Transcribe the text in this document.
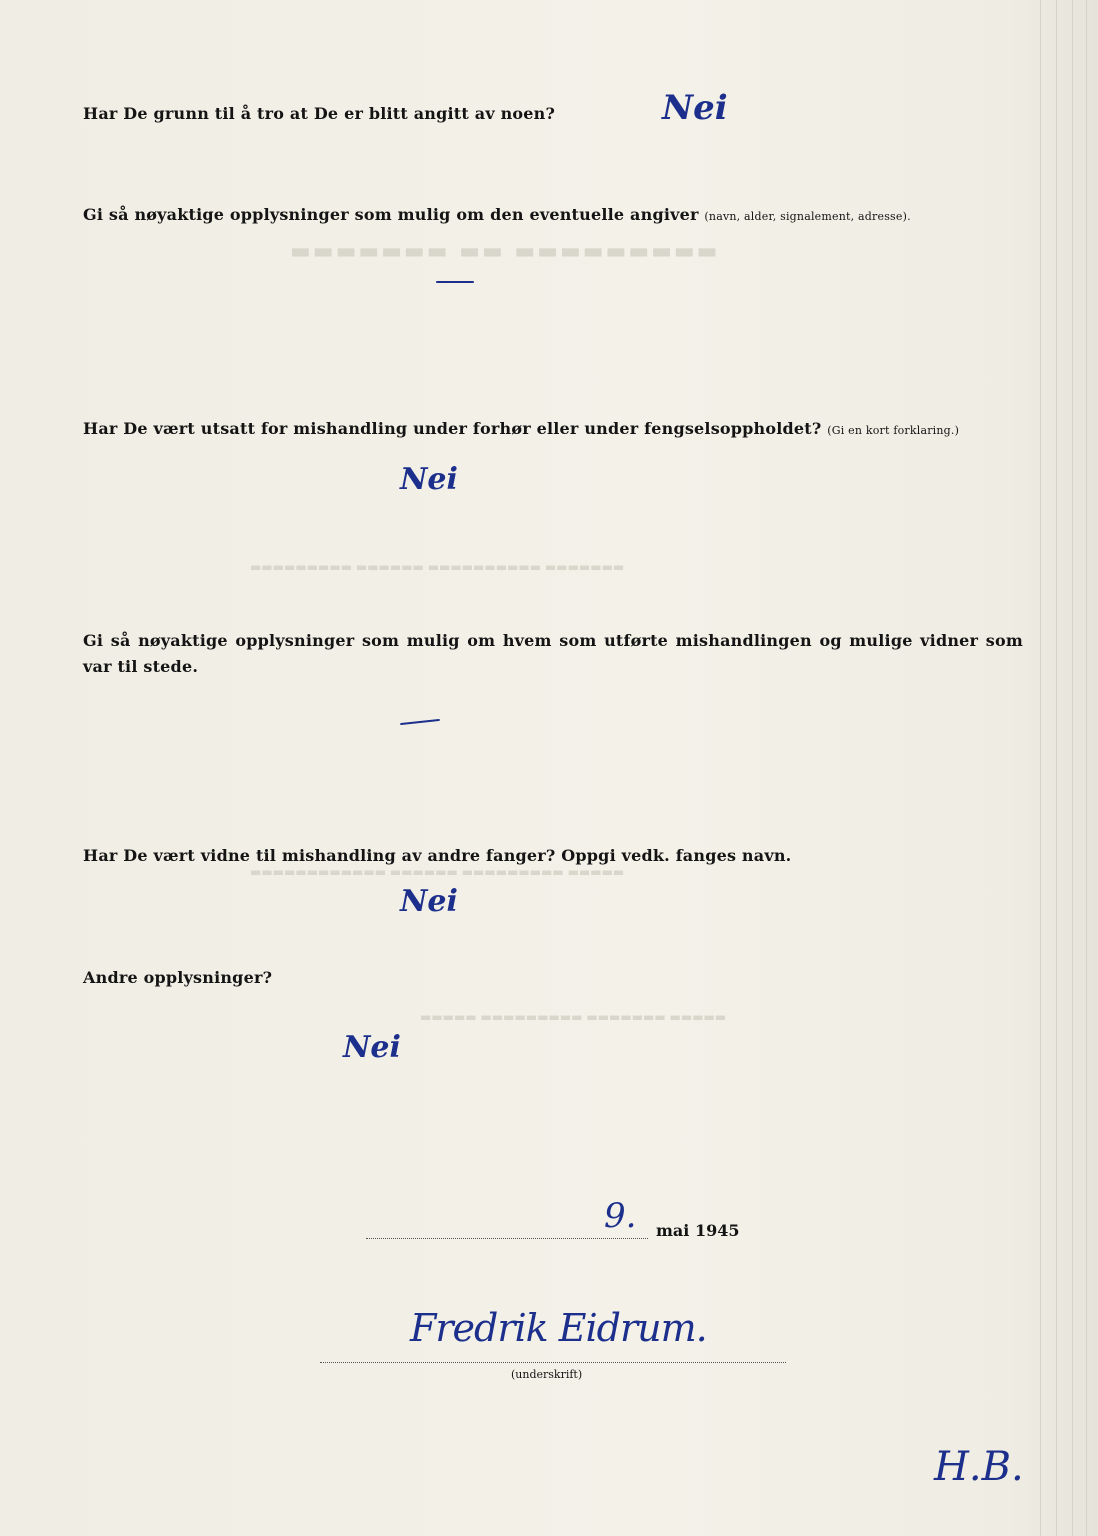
▬▬▬▬▬▬▬ ▬▬ ▬▬▬▬▬▬▬▬▬
▬▬▬▬▬▬▬▬▬ ▬▬▬▬▬▬ ▬▬▬▬▬▬▬▬▬▬ ▬▬▬▬▬▬▬
▬▬▬▬▬▬▬▬▬▬▬▬ ▬▬▬▬▬▬ ▬▬▬▬▬▬▬▬▬ ▬▬▬▬▬
▬▬▬▬▬ ▬▬▬▬▬▬▬▬▬ ▬▬▬▬▬▬▬ ▬▬▬▬▬
Har De grunn til å tro at De er blitt angitt av noen?	Nei
Gi så nøyaktige opplysninger som mulig om den eventuelle angiver (navn, alder, signalement, adresse).
Har De vært utsatt for mishandling under forhør eller under fengselsoppholdet? (Gi en kort forklaring.)
Nei
Gi så nøyaktige opplysninger som mulig om hvem som utførte mishandlingen og mulige vidner som var til stede.
Har De vært vidne til mishandling av andre fanger? Oppgi vedk. fanges navn.
Nei
Andre opplysninger?
Nei
9. mai 1945
Fredrik Eidrum.
(underskrift)
H.B.
